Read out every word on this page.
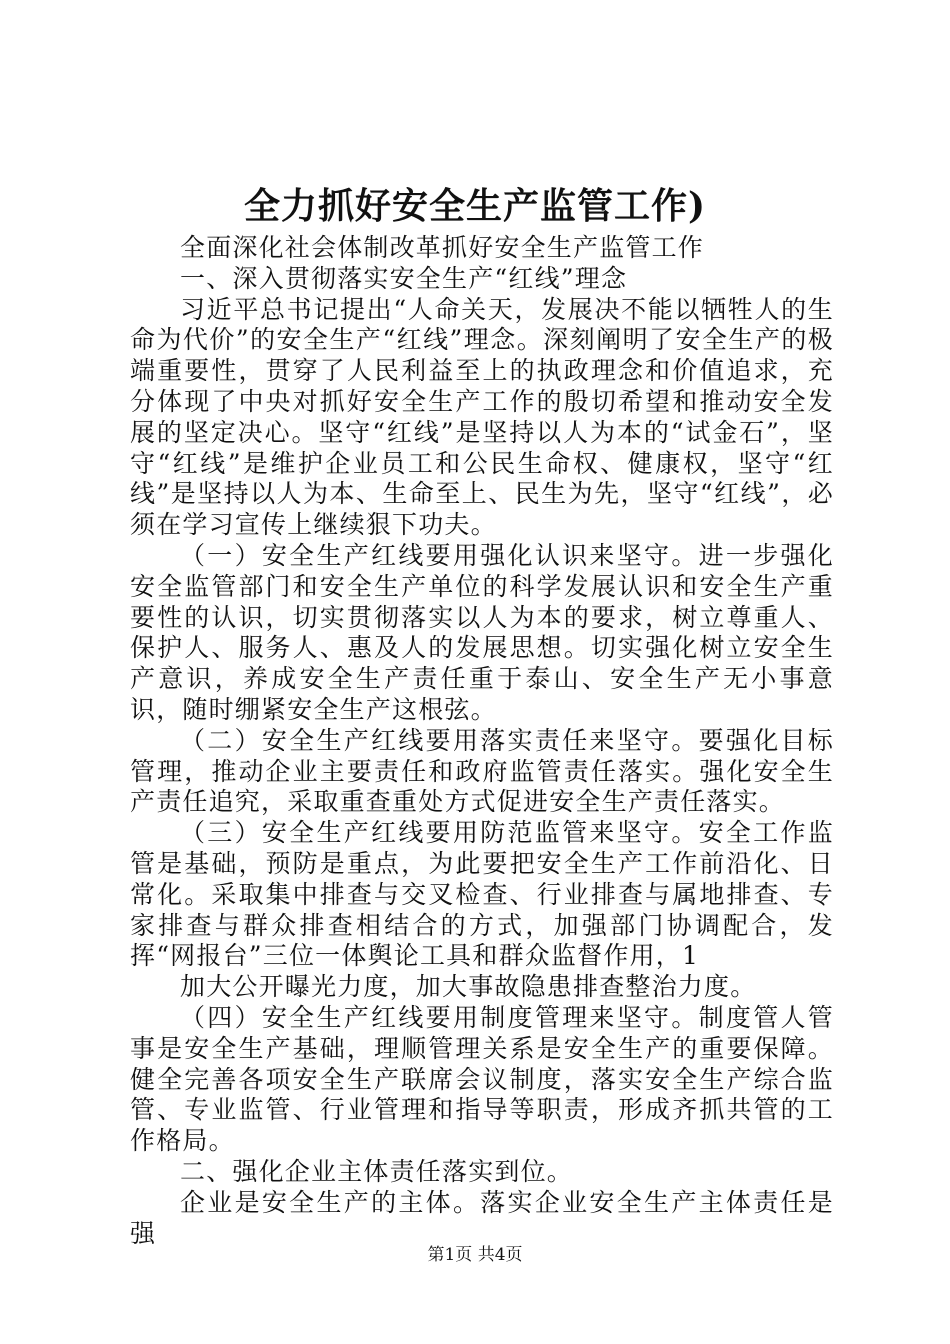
全力抓好安全生产监管工作)

全面深化社会体制改革抓好安全生产监管工作

一、深入贯彻落实安全生产“红线”理念

习近平总书记提出“人命关天，发展决不能以牺牲人的生命为代价”的安全生产“红线”理念。深刻阐明了安全生产的极端重要性，贯穿了人民利益至上的执政理念和价值追求，充分体现了中央对抓好安全生产工作的殷切希望和推动安全发展的坚定决心。坚守“红线”是坚持以人为本的“试金石”，坚守“红线”是维护企业员工和公民生命权、健康权，坚守“红线”是坚持以人为本、生命至上、民生为先，坚守“红线”，必须在学习宣传上继续狠下功夫。

（一）安全生产红线要用强化认识来坚守。进一步强化安全监管部门和安全生产单位的科学发展认识和安全生产重要性的认识，切实贯彻落实以人为本的要求，树立尊重人、保护人、服务人、惠及人的发展思想。切实强化树立安全生产意识，养成安全生产责任重于泰山、安全生产无小事意识，随时绷紧安全生产这根弦。

（二）安全生产红线要用落实责任来坚守。要强化目标管理，推动企业主要责任和政府监管责任落实。强化安全生产责任追究，采取重查重处方式促进安全生产责任落实。

（三）安全生产红线要用防范监管来坚守。安全工作监管是基础，预防是重点，为此要把安全生产工作前沿化、日常化。采取集中排查与交叉检查、行业排查与属地排查、专家排查与群众排查相结合的方式，加强部门协调配合，发挥“网报台”三位一体舆论工具和群众监督作用，1

加大公开曝光力度，加大事故隐患排查整治力度。

（四）安全生产红线要用制度管理来坚守。制度管人管事是安全生产基础，理顺管理关系是安全生产的重要保障。健全完善各项安全生产联席会议制度，落实安全生产综合监管、专业监管、行业管理和指导等职责，形成齐抓共管的工作格局。

二、强化企业主体责任落实到位。

企业是安全生产的主体。落实企业安全生产主体责任是强

第1页 共4页
